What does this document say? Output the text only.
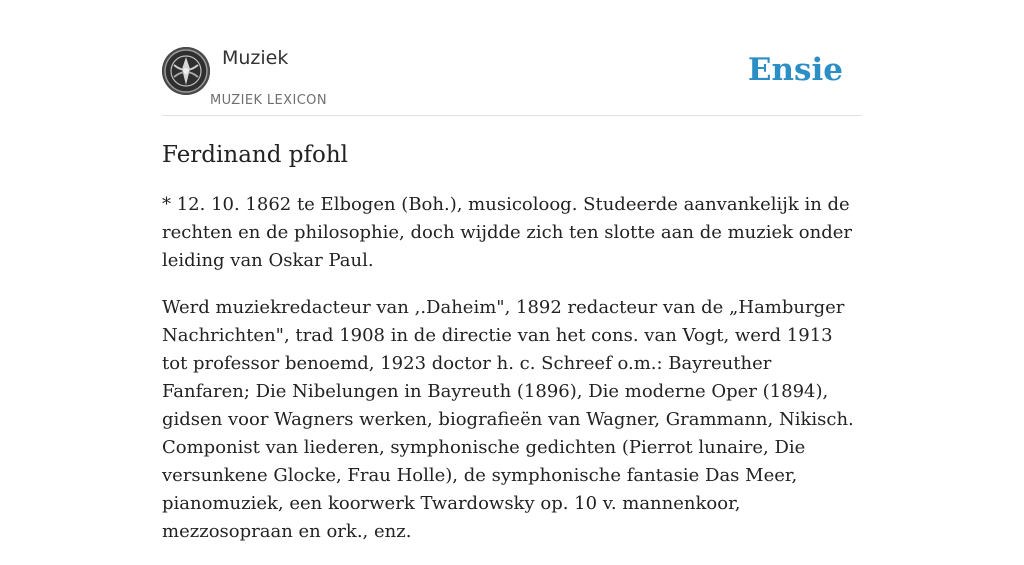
Muziek
MUZIEK LEXICON
Ensie
Ferdinand pfohl

* 12. 10. 1862 te Elbogen (Boh.), musicoloog. Studeerde aanvankelijk in de rechten en de philosophie, doch wijdde zich ten slotte aan de muziek onder leiding van Oskar Paul.

Werd muziekredacteur van ,.Daheim", 1892 redacteur van de „Hamburger Nachrichten", trad 1908 in de directie van het cons. van Vogt, werd 1913 tot professor benoemd, 1923 doctor h. c. Schreef o.m.: Bayreuther Fanfaren; Die Nibelungen in Bayreuth (1896), Die moderne Oper (1894), gidsen voor Wagners werken, biografieën van Wagner, Grammann, Nikisch. Componist van liederen, symphonische gedichten (Pierrot lunaire, Die versunkene Glocke, Frau Holle), de symphonische fantasie Das Meer, pianomuziek, een koorwerk Twardowsky op. 10 v. mannenkoor, mezzosopraan en ork., enz.
